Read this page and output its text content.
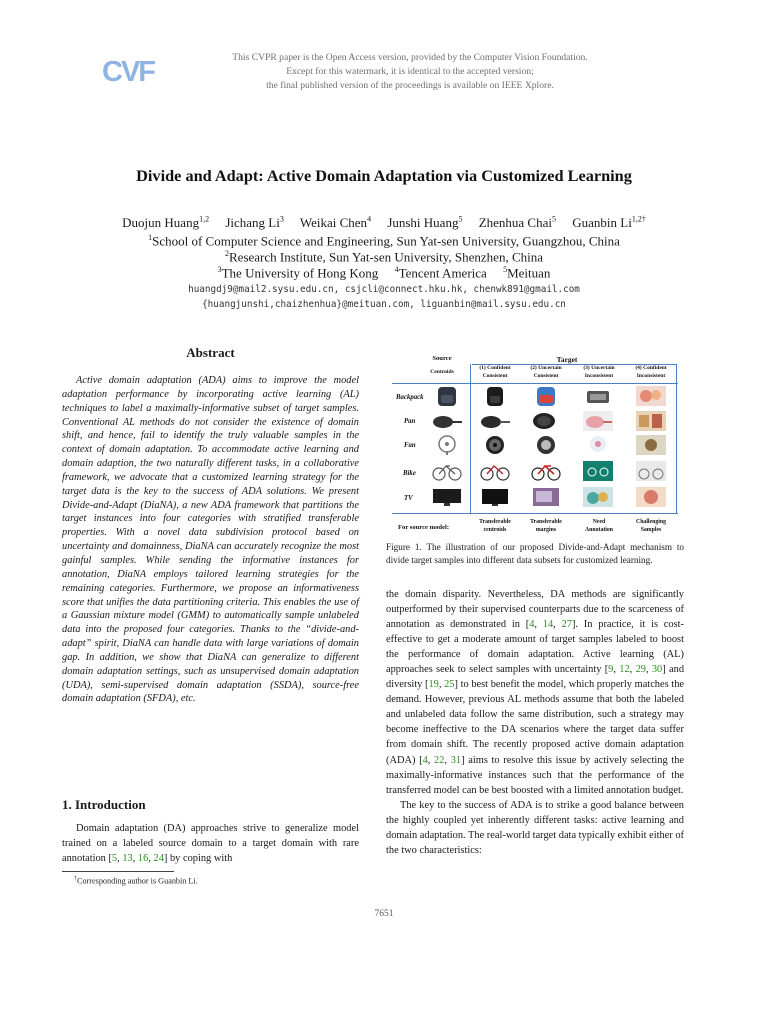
CVF	This CVPR paper is the Open Access version, provided by the Computer Vision Foundation.
Except for this watermark, it is identical to the accepted version;
the final published version of the proceedings is available on IEEE Xplore.
Divide and Adapt: Active Domain Adaptation via Customized Learning
Duojun Huang$^{1,2}$ Jichang Li$^3$ Weikai Chen$^4$ Junshi Huang$^5$ Zhenhua Chai$^5$ Guanbin $Li^{1,2\dagger}$
$^1$School of Computer Science and Engineering, Sun Yat-sen University, Guangzhou, China
$^2$Research Institute, Sun Yat-sen University, Shenzhen, China
$^3$The University of Hong Kong $^4$Tencent America $^5$Meituan
huangdj9@mail2.sysu.edu.cn, csjcli@connect.hku.hk, chenwk891@gmail.com
{huangjunshi,chaizhenhua}@meituan.com, liguanbin@mail.sysu.edu.cn
Abstract
Active domain adaptation (ADA) aims to improve the model adaptation performance by incorporating active learning (AL) techniques to label a maximally-informative subset of target samples. Conventional AL methods do not consider the existence of domain shift, and hence, fail to identify the truly valuable samples in the context of domain adaptation. To accommodate active learning and domain adaption, the two naturally different tasks, in a collaborative framework, we advocate that a customized learning strategy for the target data is the key to the success of ADA solutions. We present Divide-and-Adapt (DiaNA), a new ADA framework that partitions the target instances into four categories with stratified transferable properties. With a novel data subdivision protocol based on uncertainty and domainness, DiaNA can accurately recognize the most gainful samples. While sending the informative instances for annotation, DiaNA employs tailored learning strategies for the remaining categories. Furthermore, we propose an informativeness score that unifies the data partitioning criteria. This enables the use of a Gaussian mixture model (GMM) to automatically sample unlabeled data into the proposed four categories. Thanks to the “divide-and-adapt” spirit, DiaNA can handle data with large variations of domain gap. In addition, we show that DiaNA can generalize to different domain adaptation settings, such as unsupervised domain adaptation (UDA), semi-supervised domain adaptation (SSDA), source-free domain adaptation (SFDA), etc.
1. Introduction
Domain adaptation (DA) approaches strive to generalize model trained on a labeled source domain to a target domain with rare annotation [5, 13, 16, 24] by coping with
†Corresponding author is Guanbin Li.
Source
Centroids
Target
(1) Confident
Consistent
(2) Uncertain
Consistent
(3) Uncertain
Inconsistent
(4) Confident
Inconsistent
Backpack
Pan
Fan
Bike
TV
For source model:
Transferable
centroids
Transferable
margins
Need
Annotation
Challenging
Samples
Figure 1. The illustration of our proposed Divide-and-Adapt mechanism to divide target samples into different data subsets for customized learning.

the domain disparity. Nevertheless, DA methods are significantly outperformed by their supervised counterparts due to the scarceness of annotation as demonstrated in [4, 14, 27]. In practice, it is cost-effective to get a moderate amount of target samples labeled to boost the performance of domain adaptation. Active learning (AL) approaches seek to select samples with uncertainty [9, 12, 29, 30] and diversity [19, 25] to best benefit the model, which properly matches the demand. However, previous AL methods assume that both the labeled and unlabeled data follow the same distribution, such a strategy may become ineffective to the DA scenarios where the target data suffer from domain shift. The recently proposed active domain adaptation (ADA) [4, 22, 31] aims to resolve this issue by actively selecting the maximally-informative instances such that the performance of the transferred model can be best boosted with a limited annotation budget.

The key to the success of ADA is to strike a good balance between the highly coupled yet inherently different tasks: active learning and domain adaptation. The real-world target data typically exhibit either of the two characteristics:

7651
